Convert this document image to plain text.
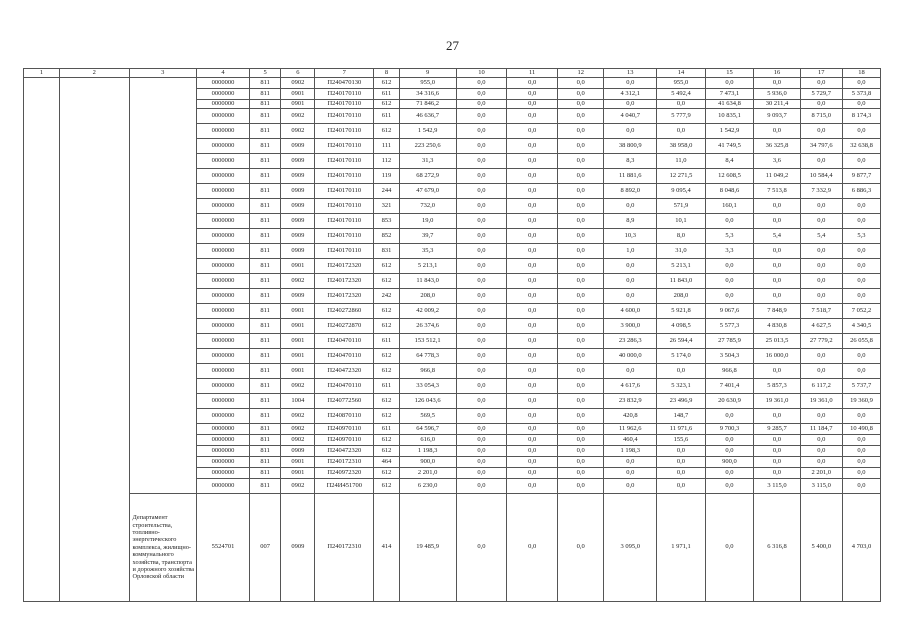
27
1	2	3	4	5	6	7	8	9	10	11	12	13	14	15	16	17	18
			0000000	811	0902	П240470130	612	955,0	0,0	0,0	0,0	0,0	955,0	0,0	0,0	0,0	0,0
			0000000	811	0901	П240170110	611	34 316,6	0,0	0,0	0,0	4 312,1	5 492,4	7 473,1	5 936,0	5 729,7	5 373,8
			0000000	811	0901	П240170110	612	71 846,2	0,0	0,0	0,0	0,0	0,0	41 634,8	30 211,4	0,0	0,0
			0000000	811	0902	П240170110	611	46 636,7	0,0	0,0	0,0	4 040,7	5 777,9	10 835,1	9 093,7	8 715,0	8 174,3
			0000000	811	0902	П240170110	612	1 542,9	0,0	0,0	0,0	0,0	0,0	1 542,9	0,0	0,0	0,0
			0000000	811	0909	П240170110	111	223 250,6	0,0	0,0	0,0	38 800,9	38 958,0	41 749,5	36 325,8	34 797,6	32 638,8
			0000000	811	0909	П240170110	112	31,3	0,0	0,0	0,0	8,3	11,0	8,4	3,6	0,0	0,0
			0000000	811	0909	П240170110	119	68 272,9	0,0	0,0	0,0	11 881,6	12 271,5	12 608,5	11 049,2	10 584,4	9 877,7
			0000000	811	0909	П240170110	244	47 679,0	0,0	0,0	0,0	8 892,0	9 095,4	8 048,6	7 513,8	7 332,9	6 886,3
			0000000	811	0909	П240170110	321	732,0	0,0	0,0	0,0	0,0	571,9	160,1	0,0	0,0	0,0
			0000000	811	0909	П240170110	853	19,0	0,0	0,0	0,0	8,9	10,1	0,0	0,0	0,0	0,0
			0000000	811	0909	П240170110	852	39,7	0,0	0,0	0,0	10,3	8,0	5,3	5,4	5,4	5,3
			0000000	811	0909	П240170110	831	35,3	0,0	0,0	0,0	1,0	31,0	3,3	0,0	0,0	0,0
			0000000	811	0901	П240172320	612	5 213,1	0,0	0,0	0,0	0,0	5 213,1	0,0	0,0	0,0	0,0
			0000000	811	0902	П240172320	612	11 843,0	0,0	0,0	0,0	0,0	11 843,0	0,0	0,0	0,0	0,0
			0000000	811	0909	П240172320	242	208,0	0,0	0,0	0,0	0,0	208,0	0,0	0,0	0,0	0,0
			0000000	811	0901	П240272860	612	42 009,2	0,0	0,0	0,0	4 600,0	5 921,8	9 067,6	7 848,9	7 518,7	7 052,2
			0000000	811	0901	П240272870	612	26 374,6	0,0	0,0	0,0	3 900,0	4 098,5	5 577,3	4 830,8	4 627,5	4 340,5
			0000000	811	0901	П240470110	611	153 512,1	0,0	0,0	0,0	23 286,3	26 594,4	27 785,9	25 013,5	27 779,2	26 055,8
			0000000	811	0901	П240470110	612	64 778,3	0,0	0,0	0,0	40 000,0	5 174,0	3 504,3	16 000,0	0,0	0,0
			0000000	811	0901	П240472320	612	966,8	0,0	0,0	0,0	0,0	0,0	966,8	0,0	0,0	0,0
			0000000	811	0902	П240470110	611	33 054,3	0,0	0,0	0,0	4 617,6	5 323,1	7 401,4	5 857,3	6 117,2	5 737,7
			0000000	811	1004	П240772560	612	126 043,6	0,0	0,0	0,0	23 832,9	23 496,9	20 630,9	19 361,0	19 361,0	19 360,9
			0000000	811	0902	П240870110	612	569,5	0,0	0,0	0,0	420,8	148,7	0,0	0,0	0,0	0,0
			0000000	811	0902	П240970110	611	64 596,7	0,0	0,0	0,0	11 962,6	11 971,6	9 700,3	9 285,7	11 184,7	10 490,8
			0000000	811	0902	П240970110	612	616,0	0,0	0,0	0,0	460,4	155,6	0,0	0,0	0,0	0,0
			0000000	811	0909	П240472320	612	1 198,3	0,0	0,0	0,0	1 198,3	0,0	0,0	0,0	0,0	0,0
			0000000	811	0901	П240172310	464	900,0	0,0	0,0	0,0	0,0	0,0	900,0	0,0	0,0	0,0
			0000000	811	0901	П240972320	612	2 201,0	0,0	0,0	0,0	0,0	0,0	0,0	0,0	2 201,0	0,0
			0000000	811	0902	П24И451700	612	6 230,0	0,0	0,0	0,0	0,0	0,0	0,0	3 115,0	3 115,0	0,0
		Департамент строительства, топливно-энергетического комплекса, жилищно-коммунального хозяйства, транспорта и дорожного хозяйства Орловской области	5524701	007	0909	П240172310	414	19 485,9	0,0	0,0	0,0	3 095,0	1 971,1	0,0	6 316,8	5 400,0	4 703,0
